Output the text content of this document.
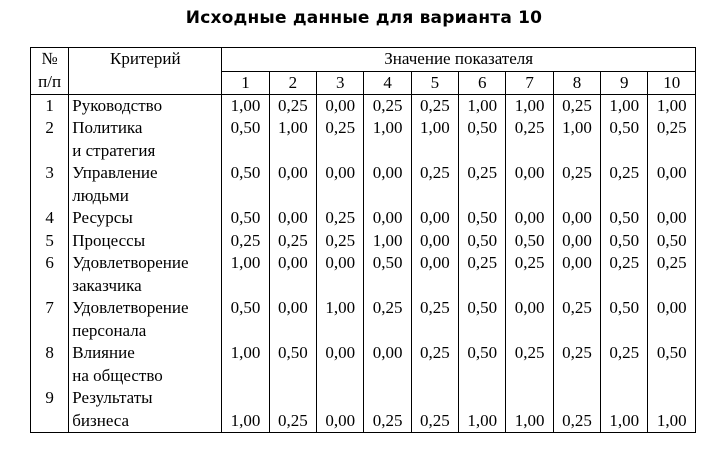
Исходные данные для варианта 10
№
п/п	Критерий	Значение показателя									
		1	2	3	4	5	6	7	8	9	10
1	Руководство	1,00	0,25	0,00	0,25	0,25	1,00	1,00	0,25	1,00	1,00

2	Политика
и стратегия	0,50	1,00	0,25	1,00	1,00	0,50	0,25	1,00	0,50	0,25

3	Управление
людьми	0,50	0,00	0,00	0,00	0,25	0,25	0,00	0,25	0,25	0,00

4	Ресурсы	0,50	0,00	0,25	0,00	0,00	0,50	0,00	0,00	0,50	0,00

5	Процессы	0,25	0,25	0,25	1,00	0,00	0,50	0,50	0,00	0,50	0,50

6	Удовлетворение
заказчика	1,00	0,00	0,00	0,50	0,00	0,25	0,25	0,00	0,25	0,25

7	Удовлетворение
персонала	0,50	0,00	1,00	0,25	0,25	0,50	0,00	0,25	0,50	0,00

8	Влияние
на общество	1,00	0,50	0,00	0,00	0,25	0,50	0,25	0,25	0,25	0,50

9	Результаты
бизнеса	1,00	0,25	0,00	0,25	0,25	1,00	1,00	0,25	1,00	1,00
